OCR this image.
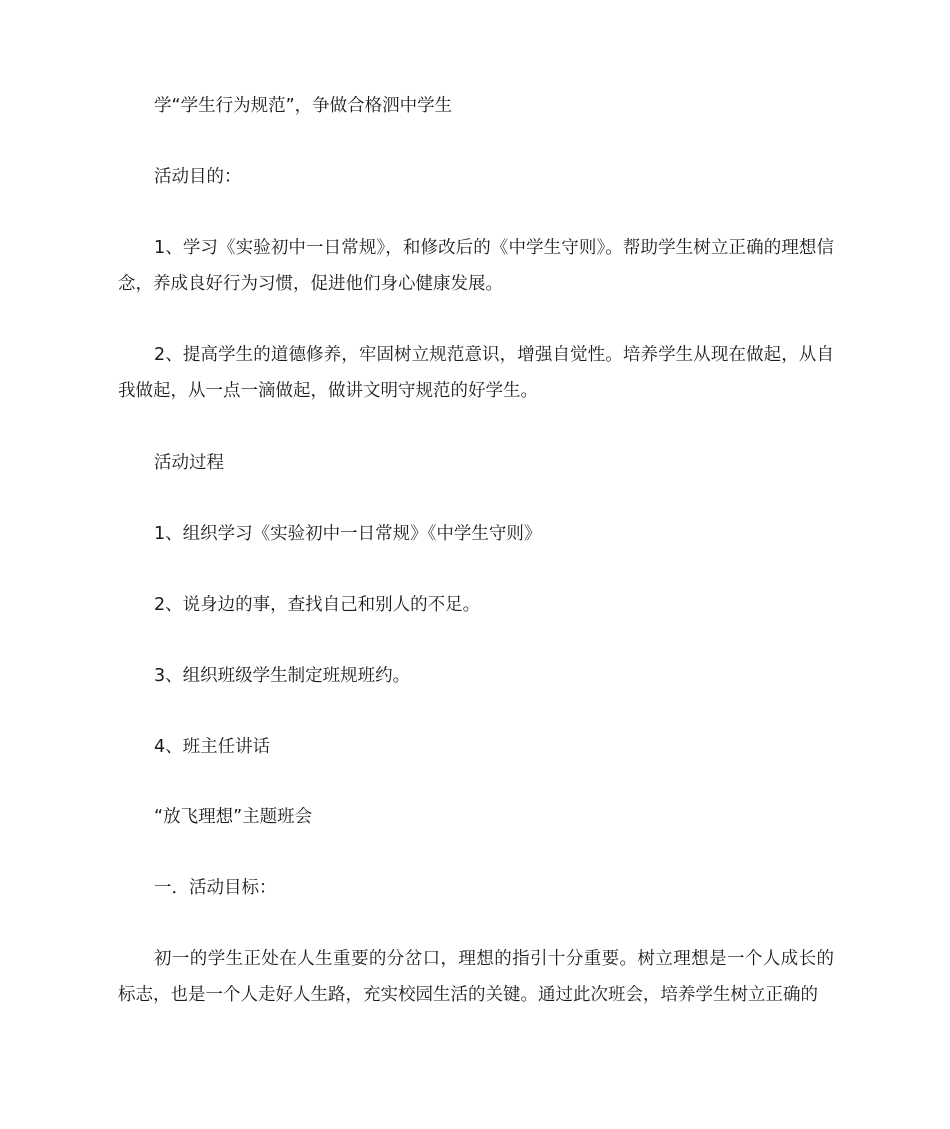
学“学生行为规范”，争做合格泗中学生

活动目的：

1、学习《实验初中一日常规》，和修改后的《中学生守则》。帮助学生树立正确的理想信念，养成良好行为习惯，促进他们身心健康发展。

2、提高学生的道德修养，牢固树立规范意识，增强自觉性。培养学生从现在做起，从自我做起，从一点一滴做起，做讲文明守规范的好学生。

活动过程

1、组织学习《实验初中一日常规》《中学生守则》

2、说身边的事，查找自己和别人的不足。

3、组织班级学生制定班规班约。

4、班主任讲话

“放飞理想”主题班会

一．活动目标：

初一的学生正处在人生重要的分岔口，理想的指引十分重要。树立理想是一个人成长的标志，也是一个人走好人生路，充实校园生活的关键。通过此次班会，培养学生树立正确的
